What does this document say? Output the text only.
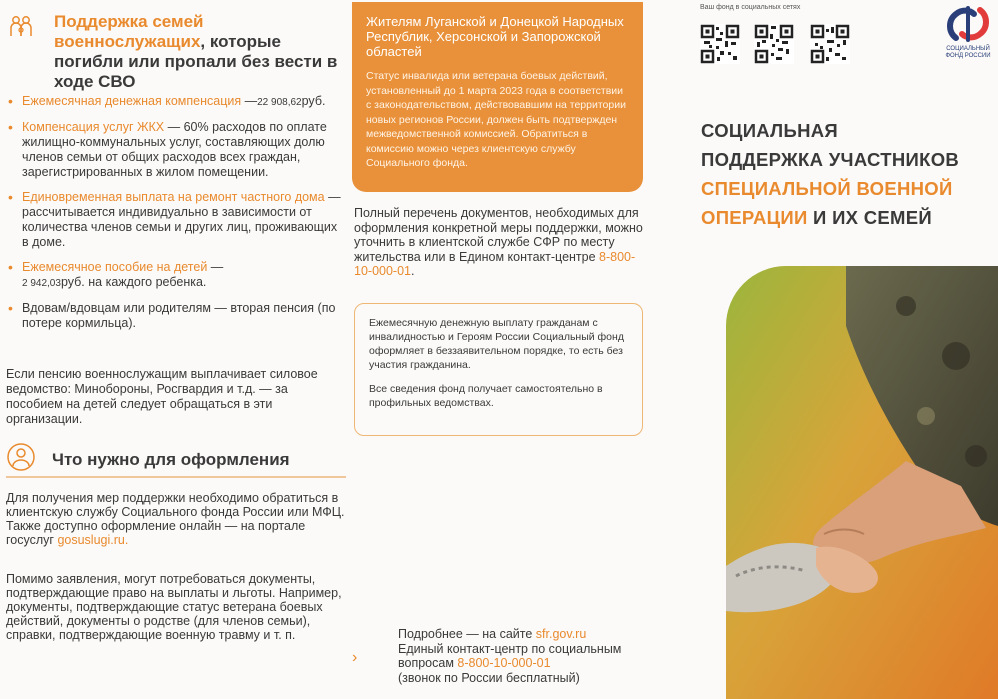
Поддержка семей военнослужащих, которые погибли или пропали без вести в ходе СВО
• Ежемесячная денежная компенсация —22 908,62руб.
• Компенсация услуг ЖКХ — 60% расходов по оплате жилищно-коммунальных услуг, составляющих долю членов семьи от общих расходов всех граждан, зарегистрированных в жилом помещении.
• Единовременная выплата на ремонт частного дома — рассчитывается индивидуально в зависимости от количества членов семьи и других лиц, проживающих в доме.
• Ежемесячное пособие на детей —
2 942,03руб. на каждого ребенка.
• Вдовам/вдовцам или родителям — вторая пенсия (по потере кормильца).

Если пенсию военнослужащим выплачивает силовое ведомство: Минобороны, Росгвардия и т.д. — за пособием на детей следует обращаться в эти организации.

Что нужно для оформления

Для получения мер поддержки необходимо обратиться в клиентскую службу Социального фонда России или МФЦ. Также доступно оформление онлайн — на портале госуслуг gosuslugi.ru.

Помимо заявления, могут потребоваться документы, подтверждающие право на выплаты и льготы. Например, документы, подтверждающие статус ветерана боевых действий, документы о родстве (для членов семьи), справки, подтверждающие военную травму и т. п.

Жителям Луганской и Донецкой Народных Республик, Херсонской и Запорожской областей
Статус инвалида или ветерана боевых действий, установленный до 1 марта 2023 года в соответствии с законодательством, действовавшим на территории новых регионов России, должен быть подтвержден межведомственной комиссией. Обратиться в комиссию можно через клиентскую службу Социального фонда.

Полный перечень документов, необходимых для оформления конкретной меры поддержки, можно уточнить в клиентской службе СФР по месту жительства или в Едином контакт-центре 8-800-10-000-01.

Ежемесячную денежную выплату гражданам с инвалидностью и Героям России Социальный фонд оформляет в беззаявительном порядке, то есть без участия гражданина.

Все сведения фонд получает самостоятельно в профильных ведомствах.

›
Подробнее — на сайте sfr.gov.ru
Единый контакт-центр по социальным вопросам 8-800-10-000-01
(звонок по России бесплатный)
Ваш фонд в социальных сетях
СОЦИАЛЬНЫЙ ФОНД РОССИИ
СОЦИАЛЬНАЯ
ПОДДЕРЖКА УЧАСТНИКОВ
СПЕЦИАЛЬНОЙ ВОЕННОЙ
ОПЕРАЦИИ И ИХ СЕМЕЙ
